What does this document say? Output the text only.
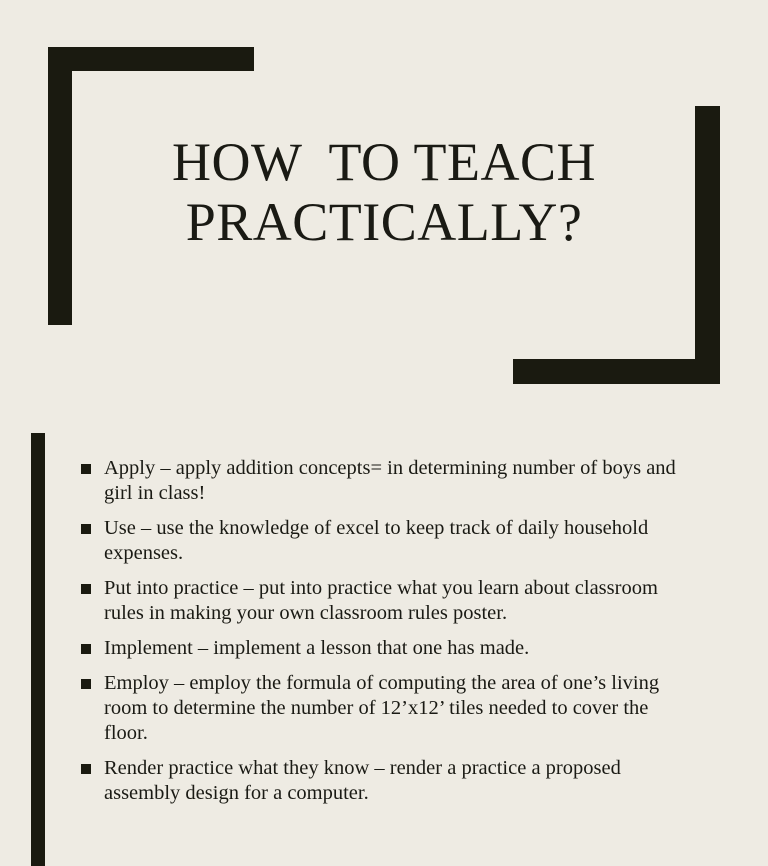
HOW  TO TEACH
PRACTICALLY?
Apply – apply addition concepts= in determining number of boys and girl in class!
Use – use the knowledge of excel to keep track of daily household expenses.
Put into practice – put into practice what you learn about classroom rules in making your own classroom rules poster.
Implement – implement a lesson that one has made.
Employ – employ the formula of computing the area of one’s living room to determine the number of 12’x12’ tiles needed to cover the floor.
Render practice what they know – render a practice a proposed assembly design for a computer.
